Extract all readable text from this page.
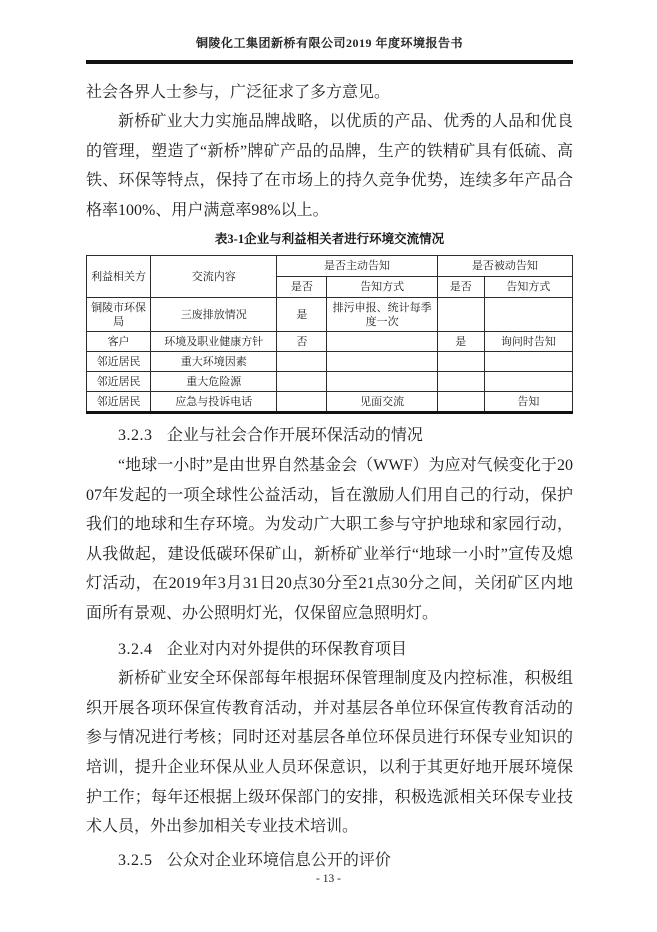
铜陵化工集团新桥有限公司2019 年度环境报告书

社会各界人士参与，广泛征求了多方意见。

新桥矿业大力实施品牌战略，以优质的产品、优秀的人品和优良的管理，塑造了“新桥”牌矿产品的品牌，生产的铁精矿具有低硫、高铁、环保等特点，保持了在市场上的持久竞争优势，连续多年产品合格率100%、用户满意率98%以上。

表3-1企业与利益相关者进行环境交流情况
利益相关方	交流内容	是否主动告知		是否被动告知	
		是否	告知方式	是否	告知方式
铜陵市环保局	三废排放情况	是	排污申报、统计每季度一次		
客户	环境及职业健康方针	否		是	询问时告知
邻近居民	重大环境因素				
邻近居民	重大危险源				
邻近居民	应急与投诉电话		见面交流		告知
3.2.3 企业与社会合作开展环保活动的情况

“地球一小时”是由世界自然基金会（WWF）为应对气候变化于2007年发起的一项全球性公益活动，旨在激励人们用自己的行动，保护我们的地球和生存环境。为发动广大职工参与守护地球和家园行动，从我做起，建设低碳环保矿山，新桥矿业举行“地球一小时”宣传及熄灯活动，在2019年3月31日20点30分至21点30分之间，关闭矿区内地面所有景观、办公照明灯光，仅保留应急照明灯。

3.2.4 企业对内对外提供的环保教育项目

新桥矿业安全环保部每年根据环保管理制度及内控标准，积极组织开展各项环保宣传教育活动，并对基层各单位环保宣传教育活动的参与情况进行考核；同时还对基层各单位环保员进行环保专业知识的培训，提升企业环保从业人员环保意识，以利于其更好地开展环境保护工作；每年还根据上级环保部门的安排，积极选派相关环保专业技术人员，外出参加相关专业技术培训。

3.2.5 公众对企业环境信息公开的评价
- 13 -
